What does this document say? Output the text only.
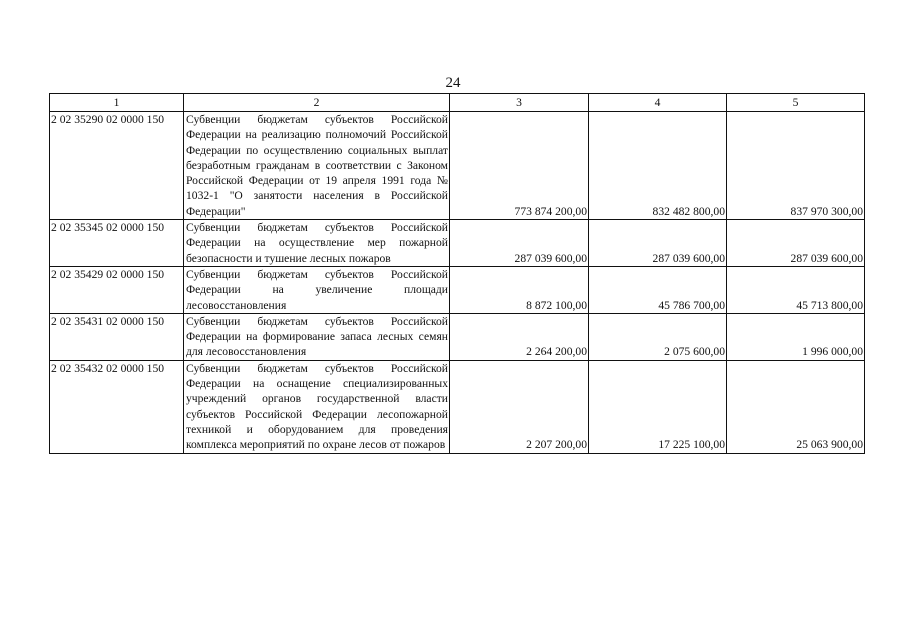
24
1	2	3	4	5
2 02 35290 02 0000 150	Субвенции бюджетам субъектов Российской Федерации на реализацию полномочий Российской Федерации по осуществлению социальных выплат безработным гражданам в соответствии с Законом Российской Федерации от 19 апреля 1991 года № 1032-1 "О занятости населения в Российской Федерации"	773 874 200,00	832 482 800,00	837 970 300,00
2 02 35345 02 0000 150	Субвенции бюджетам субъектов Российской Федерации на осуществление мер пожарной безопасности и тушение лесных пожаров	287 039 600,00	287 039 600,00	287 039 600,00
2 02 35429 02 0000 150	Субвенции бюджетам субъектов Российской Федерации на увеличение площади лесовосстановления	8 872 100,00	45 786 700,00	45 713 800,00
2 02 35431 02 0000 150	Субвенции бюджетам субъектов Российской Федерации на формирование запаса лесных семян для лесовосстановления	2 264 200,00	2 075 600,00	1 996 000,00
2 02 35432 02 0000 150	Субвенции бюджетам субъектов Российской Федерации на оснащение специализированных учреждений органов государственной власти субъектов Российской Федерации лесопожарной техникой и оборудованием для проведения комплекса мероприятий по охране лесов от пожаров	2 207 200,00	17 225 100,00	25 063 900,00
